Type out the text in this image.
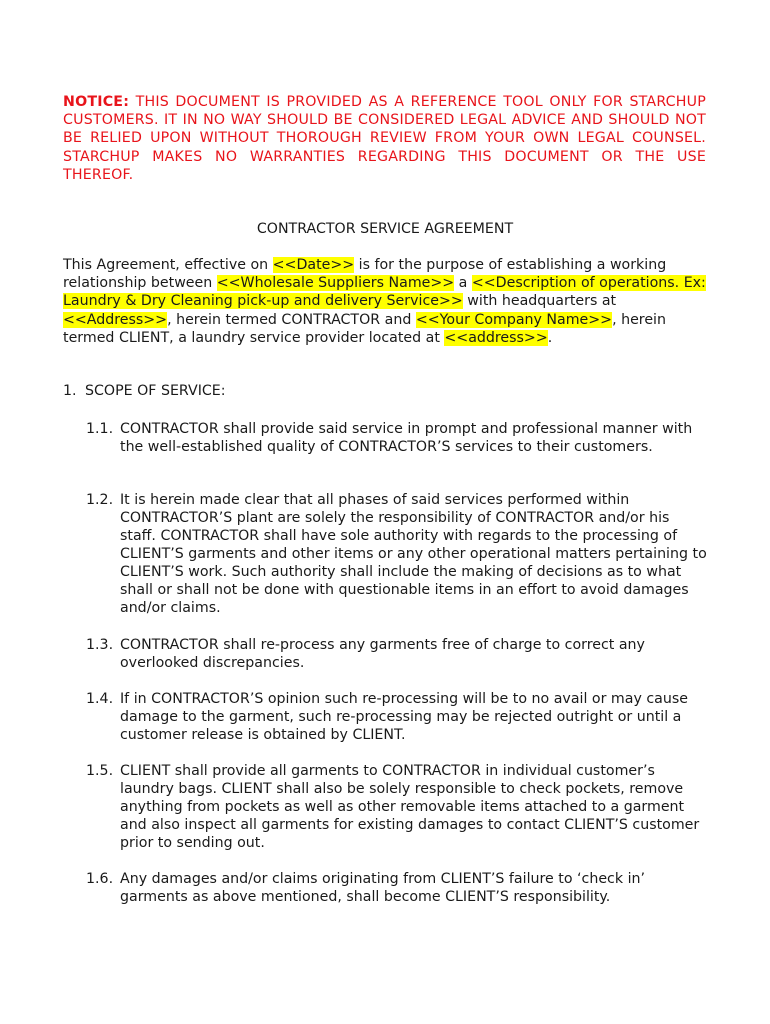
NOTICE: THIS DOCUMENT IS PROVIDED AS A REFERENCE TOOL ONLY FOR STARCHUP CUSTOMERS. IT IN NO WAY SHOULD BE CONSIDERED LEGAL ADVICE AND SHOULD NOT BE RELIED UPON WITHOUT THOROUGH REVIEW FROM YOUR OWN LEGAL COUNSEL. STARCHUP MAKES NO WARRANTIES REGARDING THIS DOCUMENT OR THE USE THEREOF.
CONTRACTOR SERVICE AGREEMENT
This Agreement, effective on <<Date>> is for the purpose of establishing a working relationship between <<Wholesale Suppliers Name>> a <<Description of operations. Ex: Laundry & Dry Cleaning pick-up and delivery Service>> with headquarters at <<Address>>, herein termed CONTRACTOR and <<Your Company Name>>, herein termed CLIENT, a laundry service provider located at <<address>>.
1. SCOPE OF SERVICE:
1.1. CONTRACTOR shall provide said service in prompt and professional manner with the well-established quality of CONTRACTOR’S services to their customers.
1.2. It is herein made clear that all phases of said services performed within CONTRACTOR’S plant are solely the responsibility of CONTRACTOR and/or his staff. CONTRACTOR shall have sole authority with regards to the processing of CLIENT’S garments and other items or any other operational matters pertaining to CLIENT’S work. Such authority shall include the making of decisions as to what shall or shall not be done with questionable items in an effort to avoid damages and/or claims.
1.3. CONTRACTOR shall re-process any garments free of charge to correct any overlooked discrepancies.
1.4. If in CONTRACTOR’S opinion such re-processing will be to no avail or may cause damage to the garment, such re-processing may be rejected outright or until a customer release is obtained by CLIENT.
1.5. CLIENT shall provide all garments to CONTRACTOR in individual customer’s laundry bags. CLIENT shall also be solely responsible to check pockets, remove anything from pockets as well as other removable items attached to a garment and also inspect all garments for existing damages to contact CLIENT’S customer prior to sending out.
1.6. Any damages and/or claims originating from CLIENT’S failure to ‘check in’ garments as above mentioned, shall become CLIENT’S responsibility.
